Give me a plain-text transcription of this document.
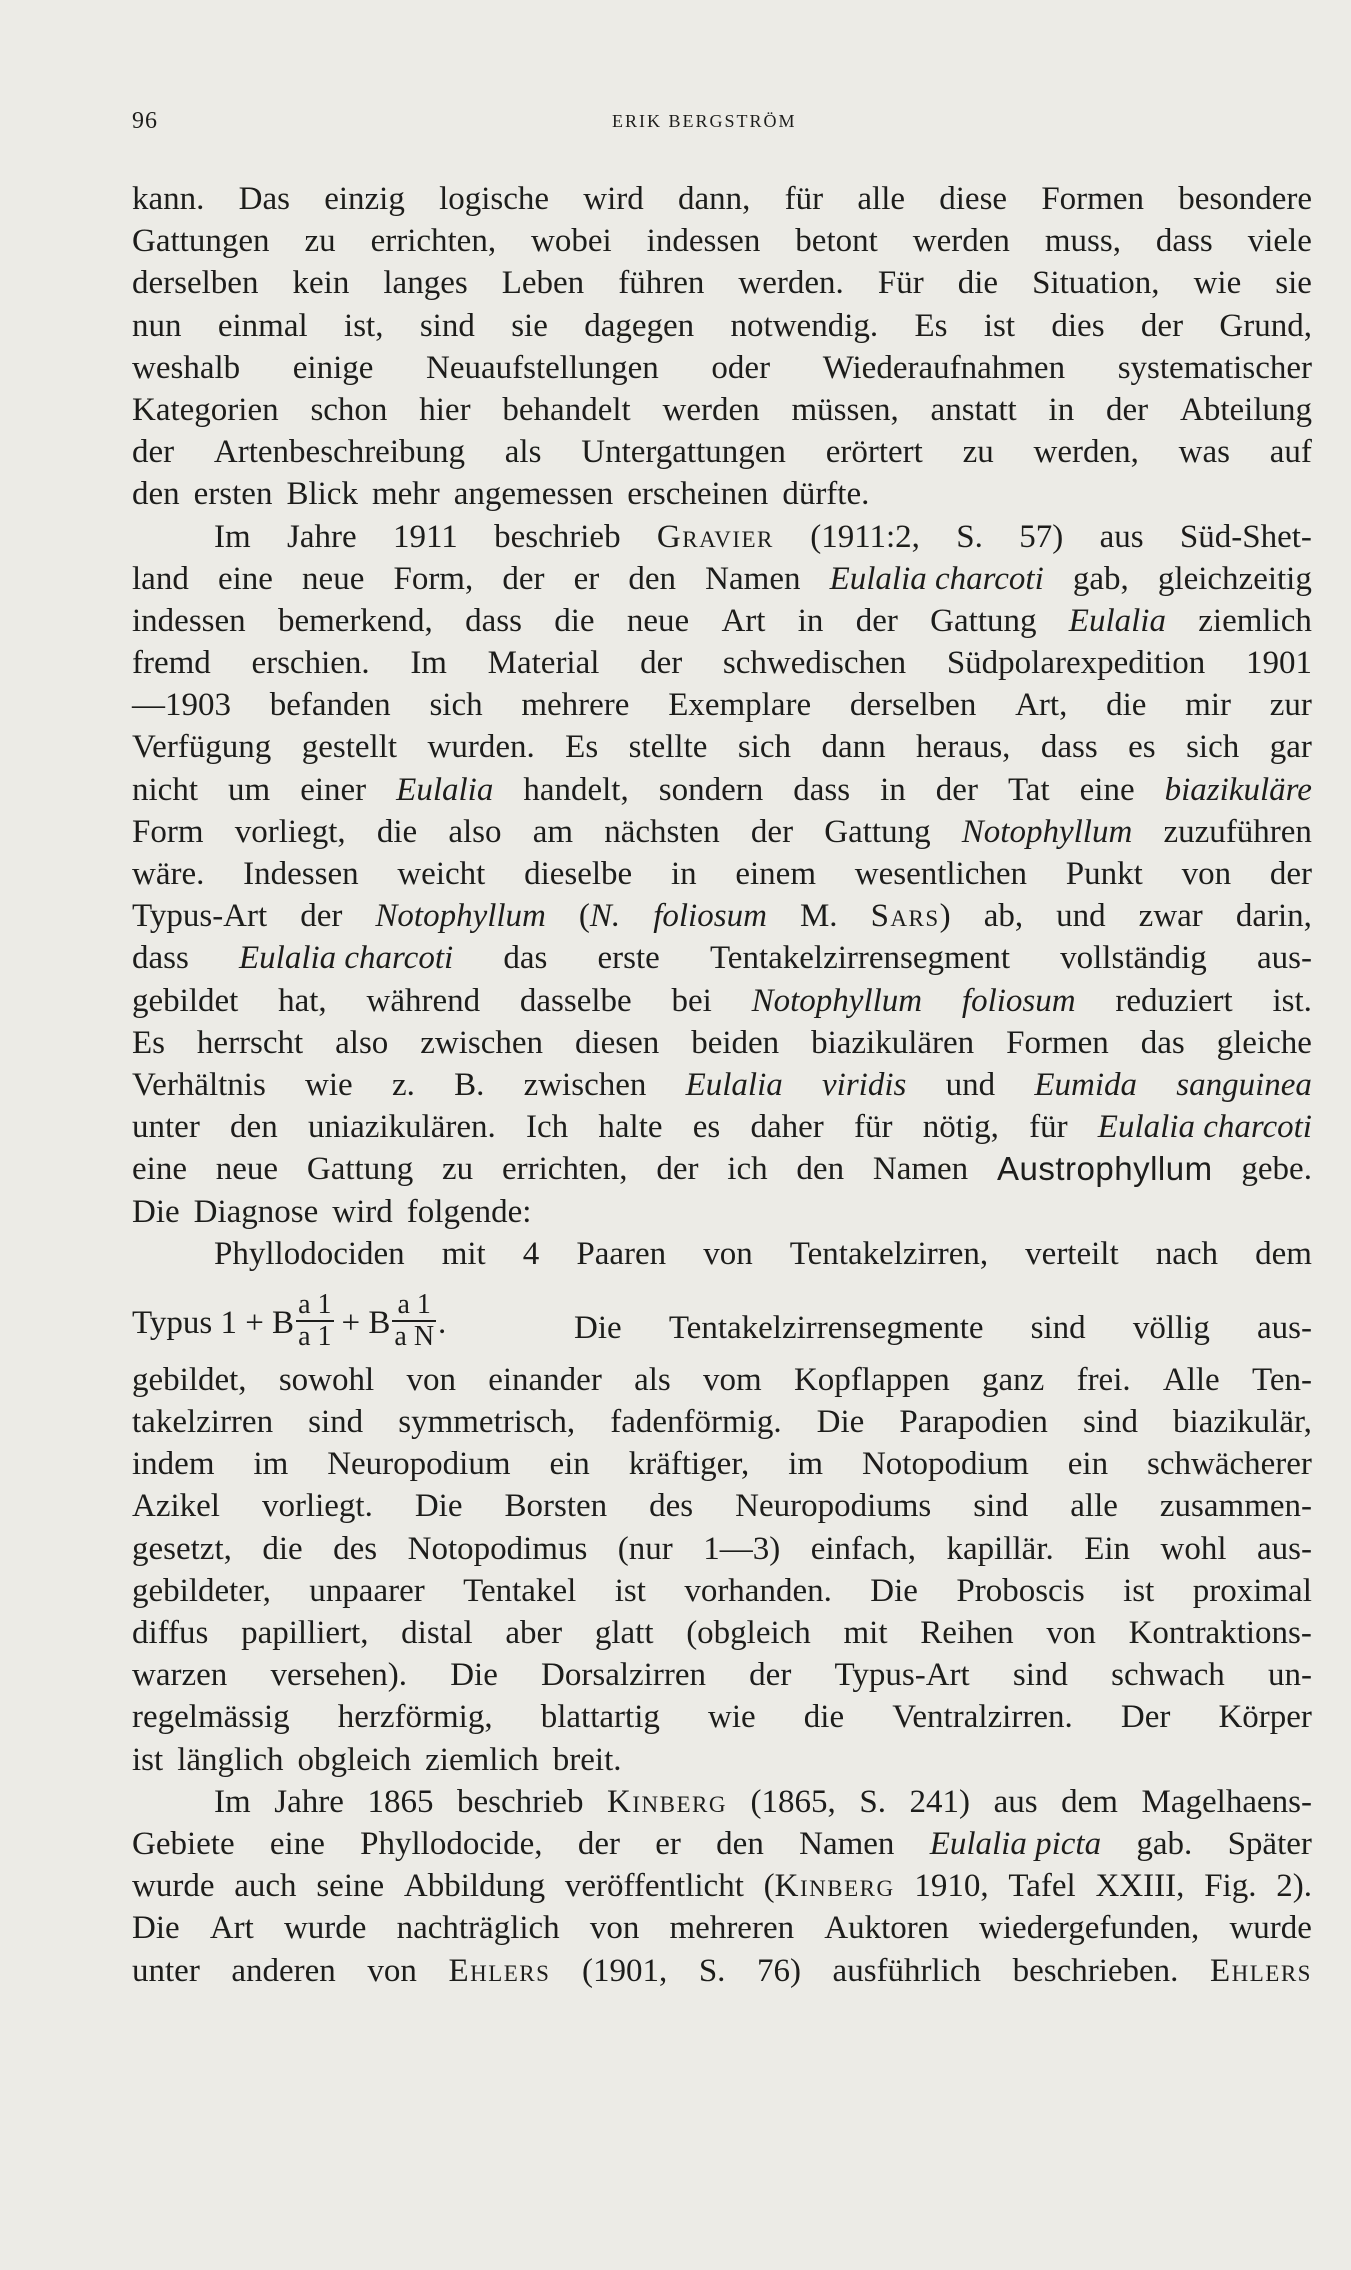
96	ERIK BERGSTRÖM
kann. Das einzig logische wird dann, für alle diese Formen besondere
Gattungen zu errichten, wobei indessen betont werden muss, dass viele
derselben kein langes Leben führen werden. Für die Situation, wie sie
nun einmal ist, sind sie dagegen notwendig. Es ist dies der Grund,
weshalb einige Neuaufstellungen oder Wiederaufnahmen systematischer
Kategorien schon hier behandelt werden müssen, anstatt in der Abteilung
der Artenbeschreibung als Untergattungen erörtert zu werden, was auf
den ersten Blick mehr angemessen erscheinen dürfte.
Im Jahre 1911 beschrieb Gravier (1911:2, S. 57) aus Süd-Shet-
land eine neue Form, der er den Namen Eulalia charcoti gab, gleichzeitig
indessen bemerkend, dass die neue Art in der Gattung Eulalia ziemlich
fremd erschien. Im Material der schwedischen Südpolarexpedition 1901
—1903 befanden sich mehrere Exemplare derselben Art, die mir zur
Verfügung gestellt wurden. Es stellte sich dann heraus, dass es sich gar
nicht um einer Eulalia handelt, sondern dass in der Tat eine biazikuläre
Form vorliegt, die also am nächsten der Gattung Notophyllum zuzuführen
wäre. Indessen weicht dieselbe in einem wesentlichen Punkt von der
Typus-Art der Notophyllum (N. foliosum M. Sars) ab, und zwar darin,
dass Eulalia charcoti das erste Tentakelzirrensegment vollständig aus-
gebildet hat, während dasselbe bei Notophyllum foliosum reduziert ist.
Es herrscht also zwischen diesen beiden biazikulären Formen das gleiche
Verhältnis wie z. B. zwischen Eulalia viridis und Eumida sanguinea
unter den uniazikulären. Ich halte es daher für nötig, für Eulalia charcoti
eine neue Gattung zu errichten, der ich den Namen Austrophyllum gebe.
Die Diagnose wird folgende:
Phyllodociden mit 4 Paaren von Tentakelzirren, verteilt nach dem
Typus 1 + B $\frac{a 1}{a 1} + B \frac{a 1}{\text{a N}}$ .	Die Tentakelzirrensegmente sind völlig aus-
gebildet, sowohl von einander als vom Kopflappen ganz frei. Alle Ten-
takelzirren sind symmetrisch, fadenförmig. Die Parapodien sind biazikulär,
indem im Neuropodium ein kräftiger, im Notopodium ein schwächerer
Azikel vorliegt. Die Borsten des Neuropodiums sind alle zusammen-
gesetzt, die des Notopodimus (nur 1—3) einfach, kapillär. Ein wohl aus-
gebildeter, unpaarer Tentakel ist vorhanden. Die Proboscis ist proximal
diffus papilliert, distal aber glatt (obgleich mit Reihen von Kontraktions-
warzen versehen). Die Dorsalzirren der Typus-Art sind schwach un-
regelmässig herzförmig, blattartig wie die Ventralzirren. Der Körper
ist länglich obgleich ziemlich breit.
Im Jahre 1865 beschrieb Kinberg (1865, S. 241) aus dem Magelhaens-
Gebiete eine Phyllodocide, der er den Namen Eulalia picta gab. Später
wurde auch seine Abbildung veröffentlicht (Kinberg 1910, Tafel XXIII, Fig. 2).
Die Art wurde nachträglich von mehreren Auktoren wiedergefunden, wurde
unter anderen von Ehlers (1901, S. 76) ausführlich beschrieben. Ehlers
